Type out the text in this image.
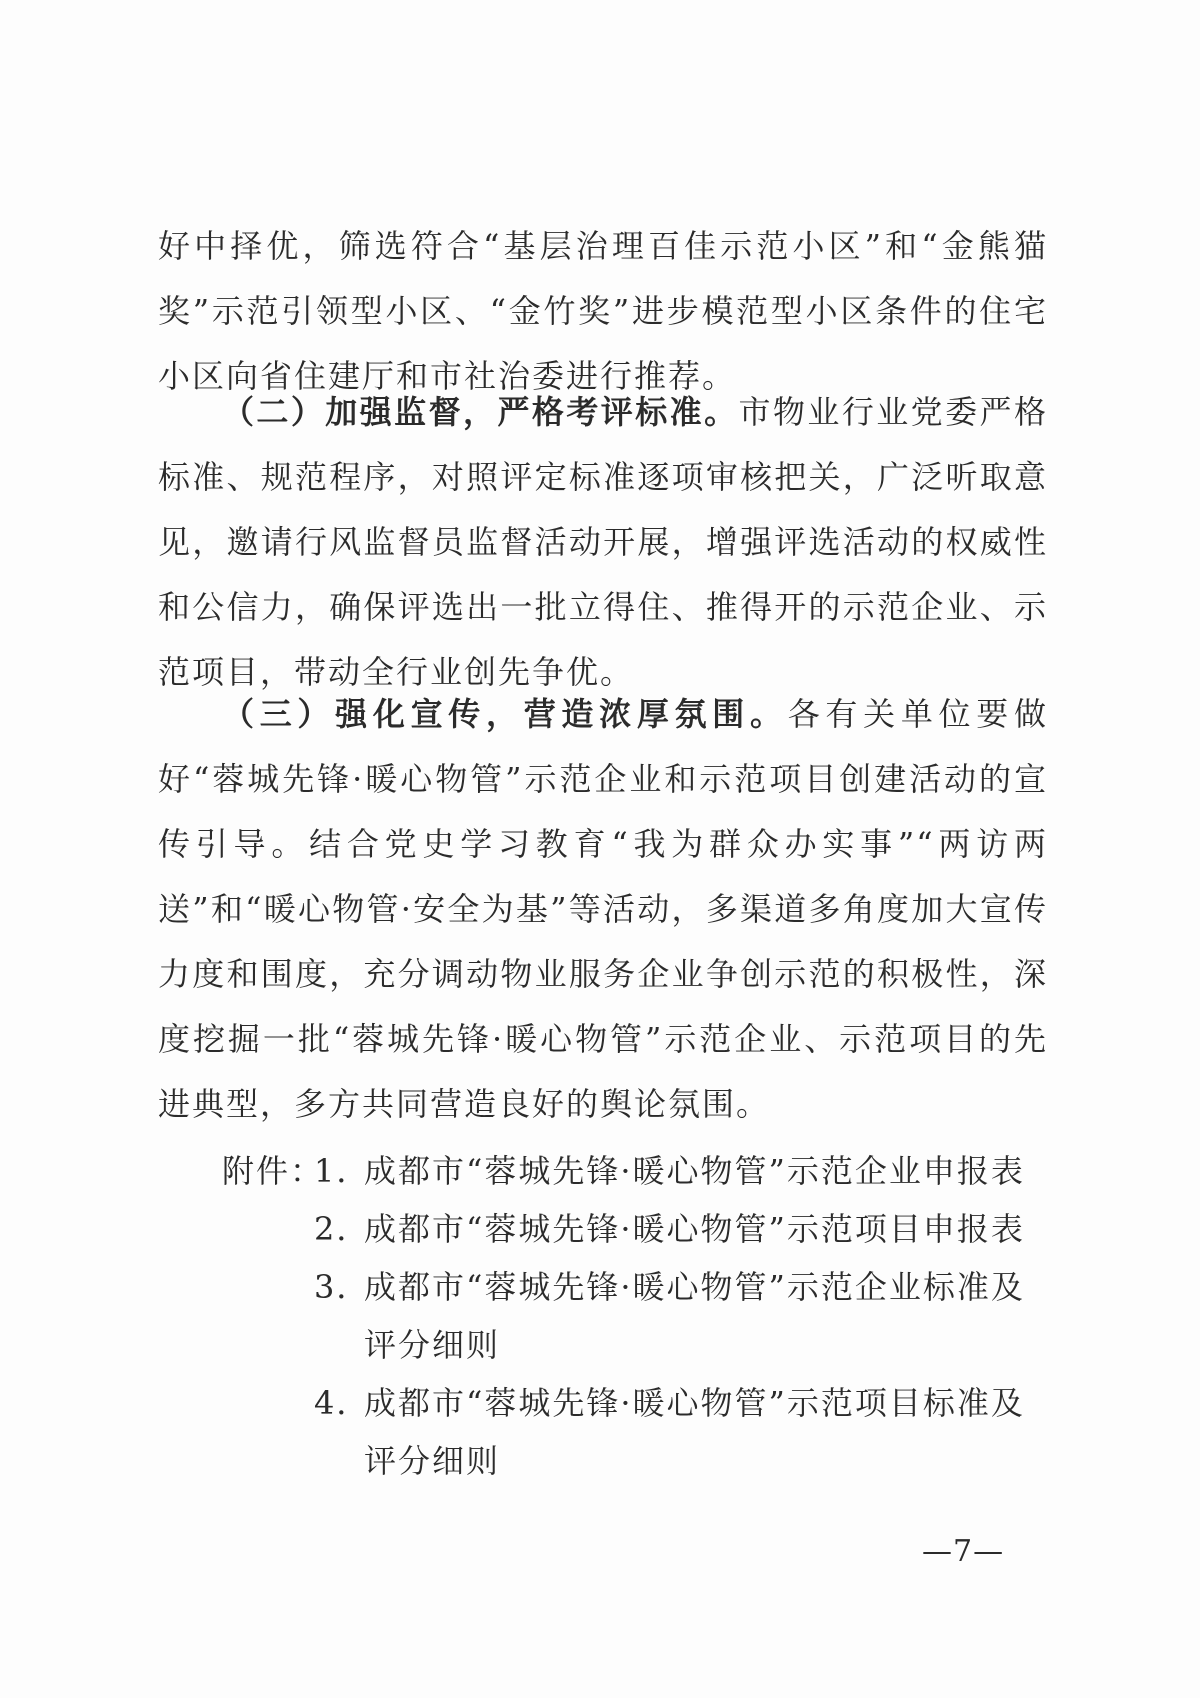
好中择优，筛选符合“基层治理百佳示范小区”和“金熊猫奖”示范引领型小区、“金竹奖”进步模范型小区条件的住宅小区向省住建厅和市社治委进行推荐。

（二）加强监督，严格考评标准。市物业行业党委严格标准、规范程序，对照评定标准逐项审核把关，广泛听取意见，邀请行风监督员监督活动开展，增强评选活动的权威性和公信力，确保评选出一批立得住、推得开的示范企业、示范项目，带动全行业创先争优。

（三）强化宣传，营造浓厚氛围。各有关单位要做好“蓉城先锋·暖心物管”示范企业和示范项目创建活动的宣传引导。结合党史学习教育“我为群众办实事”“两访两送”和“暖心物管·安全为基”等活动，多渠道多角度加大宣传力度和围度，充分调动物业服务企业争创示范的积极性，深度挖掘一批“蓉城先锋·暖心物管”示范企业、示范项目的先进典型，多方共同营造良好的舆论氛围。

附件：

1．成都市“蓉城先锋·暖心物管”示范企业申报表

2．成都市“蓉城先锋·暖心物管”示范项目申报表

3．
成都市“蓉城先锋·暖心物管”示范企业标准及评分细则
4．
成都市“蓉城先锋·暖心物管”示范项目标准及评分细则
—7—
